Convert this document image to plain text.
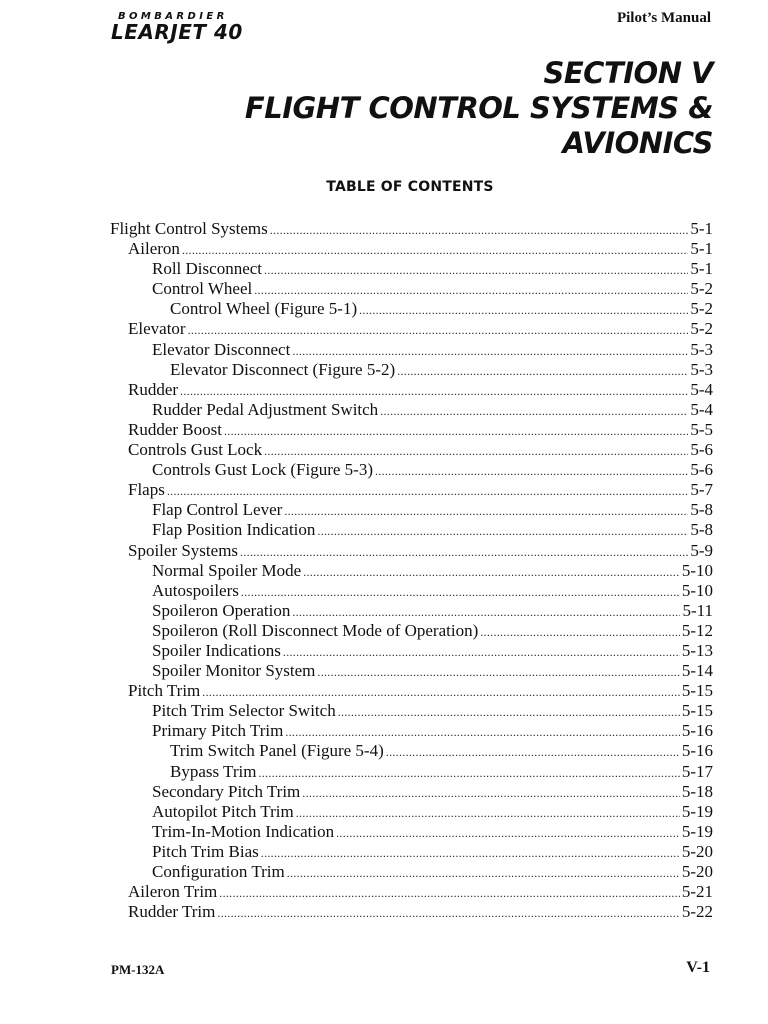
BOMBARDIER
LEARJET 40
Pilot’s Manual
SECTION V
FLIGHT CONTROL SYSTEMS &
AVIONICS
TABLE OF CONTENTS
Flight Control Systems .....	5-1
Aileron .....	5-1
Roll Disconnect .....	5-1
Control Wheel .....	5-2
Control Wheel (Figure 5-1) .....	5-2
Elevator .....	5-2
Elevator Disconnect .....	5-3
Elevator Disconnect (Figure 5-2) .....	5-3
Rudder .....	5-4
Rudder Pedal Adjustment Switch .....	5-4
Rudder Boost .....	5-5
Controls Gust Lock .....	5-6
Controls Gust Lock (Figure 5-3) .....	5-6
Flaps .....	5-7
Flap Control Lever .....	5-8
Flap Position Indication .....	5-8
Spoiler Systems .....	5-9
Normal Spoiler Mode .....	5-10
Autospoilers .....	5-10
Spoileron Operation .....	5-11
Spoileron (Roll Disconnect Mode of Operation) .....	5-12
Spoiler Indications .....	5-13
Spoiler Monitor System .....	5-14
Pitch Trim .....	5-15
Pitch Trim Selector Switch .....	5-15
Primary Pitch Trim .....	5-16
Trim Switch Panel (Figure 5-4) .....	5-16
Bypass Trim .....	5-17
Secondary Pitch Trim .....	5-18
Autopilot Pitch Trim .....	5-19
Trim-In-Motion Indication .....	5-19
Pitch Trim Bias .....	5-20
Configuration Trim .....	5-20
Aileron Trim .....	5-21
Rudder Trim .....	5-22
PM-132A	V-1
